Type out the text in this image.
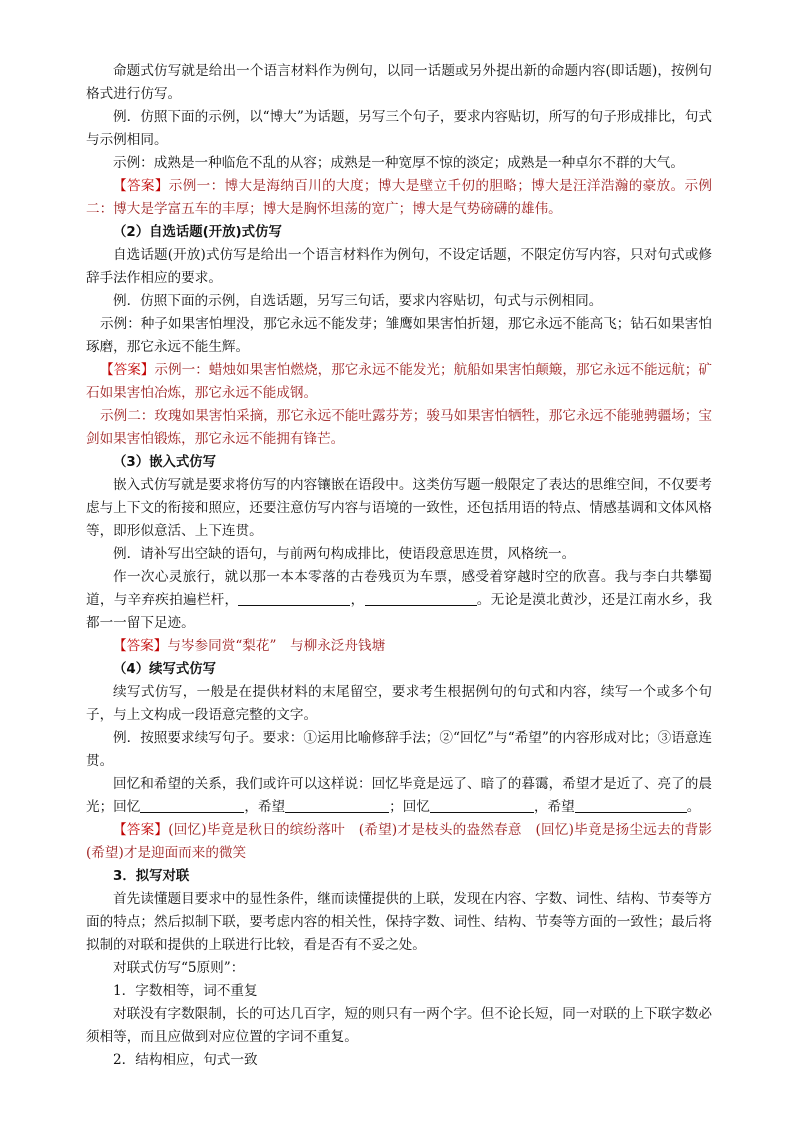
命题式仿写就是给出一个语言材料作为例句，以同一话题或另外提出新的命题内容(即话题)，按例句格式进行仿写。

例．仿照下面的示例，以“博大”为话题，另写三个句子，要求内容贴切，所写的句子形成排比，句式与示例相同。

示例：成熟是一种临危不乱的从容；成熟是一种宽厚不惊的淡定；成熟是一种卓尔不群的大气。

【答案】示例一：博大是海纳百川的大度；博大是壁立千仞的胆略；博大是汪洋浩瀚的豪放。示例二：博大是学富五车的丰厚；博大是胸怀坦荡的宽广；博大是气势磅礴的雄伟。

（2）自选话题(开放)式仿写

自选话题(开放)式仿写是给出一个语言材料作为例句，不设定话题，不限定仿写内容，只对句式或修辞手法作相应的要求。

例．仿照下面的示例，自选话题，另写三句话，要求内容贴切，句式与示例相同。

示例：种子如果害怕埋没，那它永远不能发芽；雏鹰如果害怕折翅，那它永远不能高飞；钻石如果害怕琢磨，那它永远不能生辉。

【答案】示例一：蜡烛如果害怕燃烧，那它永远不能发光；航船如果害怕颠簸，那它永远不能远航；矿石如果害怕冶炼，那它永远不能成钢。

示例二：玫瑰如果害怕采摘，那它永远不能吐露芬芳；骏马如果害怕牺牲，那它永远不能驰骋疆场；宝剑如果害怕锻炼，那它永远不能拥有锋芒。

（3）嵌入式仿写

嵌入式仿写就是要求将仿写的内容镶嵌在语段中。这类仿写题一般限定了表达的思维空间，不仅要考虑与上下文的衔接和照应，还要注意仿写内容与语境的一致性，还包括用语的特点、情感基调和文体风格等，即形似意活、上下连贯。

例．请补写出空缺的语句，与前两句构成排比，使语段意思连贯，风格统一。

作一次心灵旅行，就以那一本本零落的古卷残页为车票，感受着穿越时空的欣喜。我与李白共攀蜀道，与辛弃疾拍遍栏杆，	，	。无论是漠北黄沙，还是江南水乡，我都一一留下足迹。

【答案】与岑参同赏“梨花”　与柳永泛舟钱塘

（4）续写式仿写

续写式仿写，一般是在提供材料的末尾留空，要求考生根据例句的句式和内容，续写一个或多个句子，与上文构成一段语意完整的文字。

例．按照要求续写句子。要求：①运用比喻修辞手法；②“回忆”与“希望”的内容形成对比；③语意连贯。

回忆和希望的关系，我们或许可以这样说：回忆毕竟是远了、暗了的暮霭，希望才是近了、亮了的晨光；回忆	，希望	；回忆	，希望	。

【答案】(回忆)毕竟是秋日的缤纷落叶　(希望)才是枝头的盎然春意　(回忆)毕竟是扬尘远去的背影　(希望)才是迎面而来的微笑

3．拟写对联

首先读懂题目要求中的显性条件，继而读懂提供的上联，发现在内容、字数、词性、结构、节奏等方面的特点；然后拟制下联，要考虑内容的相关性，保持字数、词性、结构、节奏等方面的一致性；最后将拟制的对联和提供的上联进行比较，看是否有不妥之处。

对联式仿写“5原则”：

1．字数相等，词不重复

对联没有字数限制，长的可达几百字，短的则只有一两个字。但不论长短，同一对联的上下联字数必须相等，而且应做到对应位置的字词不重复。

2．结构相应，句式一致
